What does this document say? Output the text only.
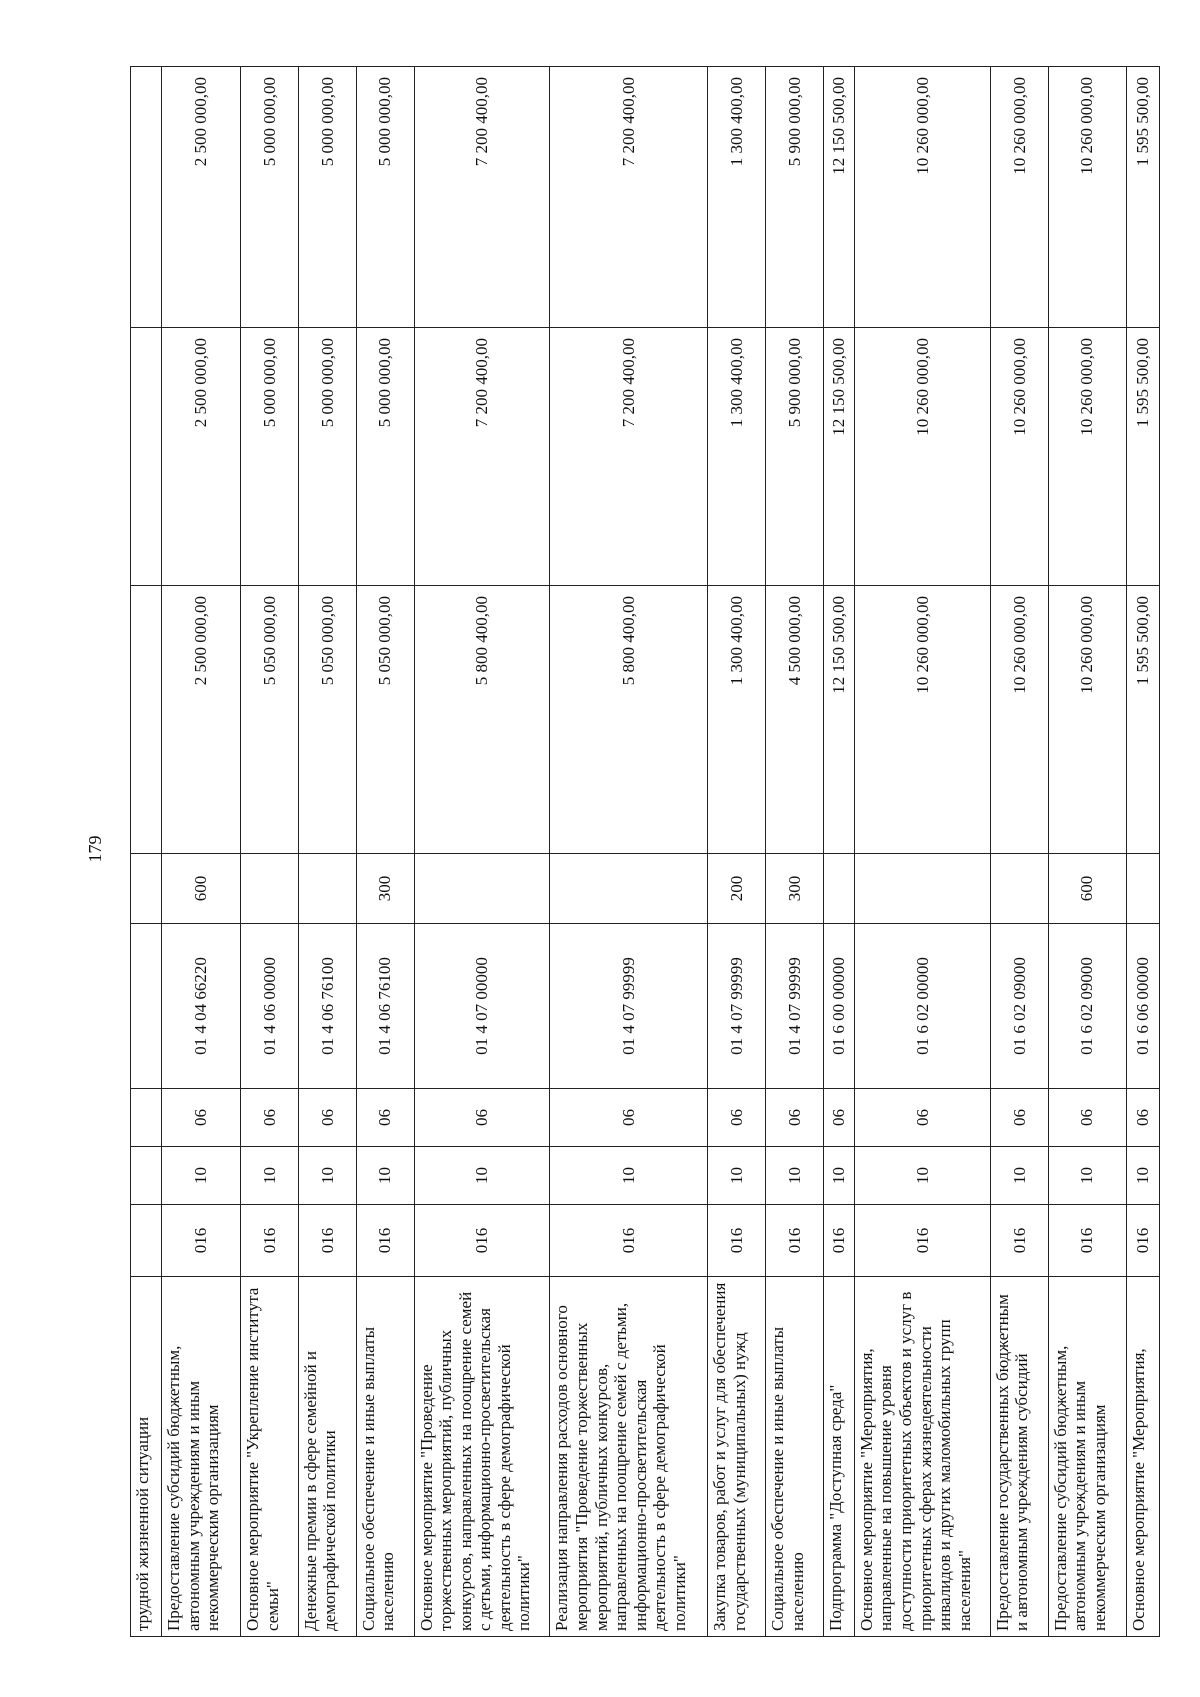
179
трудной жизненной ситуации								
Предоставление субсидий бюджетным, автономным учреждениям и иным некоммерческим организациям	016	10	06	01 4 04 66220	600	2 500 000,00	2 500 000,00	2 500 000,00
Основное мероприятие "Укрепление института семьи"	016	10	06	01 4 06 00000		5 050 000,00	5 000 000,00	5 000 000,00
Денежные премии в сфере семейной и демографической политики	016	10	06	01 4 06 76100		5 050 000,00	5 000 000,00	5 000 000,00
Социальное обеспечение и иные выплаты населению	016	10	06	01 4 06 76100	300	5 050 000,00	5 000 000,00	5 000 000,00
Основное мероприятие "Проведение торжественных мероприятий, публичных конкурсов, направленных на поощрение семей с детьми, информационно-просветительская деятельность в сфере демографической политики"	016	10	06	01 4 07 00000		5 800 400,00	7 200 400,00	7 200 400,00
Реализация направления расходов основного мероприятия "Проведение торжественных мероприятий, публичных конкурсов, направленных на поощрение семей с детьми, информационно-просветительская деятельность в сфере демографической политики"	016	10	06	01 4 07 99999		5 800 400,00	7 200 400,00	7 200 400,00
Закупка товаров, работ и услуг для обеспечения государственных (муниципальных) нужд	016	10	06	01 4 07 99999	200	1 300 400,00	1 300 400,00	1 300 400,00
Социальное обеспечение и иные выплаты населению	016	10	06	01 4 07 99999	300	4 500 000,00	5 900 000,00	5 900 000,00
Подпрограмма "Доступная среда"	016	10	06	01 6 00 00000		12 150 500,00	12 150 500,00	12 150 500,00
Основное мероприятие "Мероприятия, направленные на повышение уровня доступности приоритетных объектов и услуг в приоритетных сферах жизнедеятельности инвалидов и других маломобильных групп населения"	016	10	06	01 6 02 00000		10 260 000,00	10 260 000,00	10 260 000,00
Предоставление государственных бюджетным и автономным учреждениям субсидий	016	10	06	01 6 02 09000		10 260 000,00	10 260 000,00	10 260 000,00
Предоставление субсидий бюджетным, автономным учреждениям и иным некоммерческим организациям	016	10	06	01 6 02 09000	600	10 260 000,00	10 260 000,00	10 260 000,00
Основное мероприятие "Мероприятия,	016	10	06	01 6 06 00000		1 595 500,00	1 595 500,00	1 595 500,00
